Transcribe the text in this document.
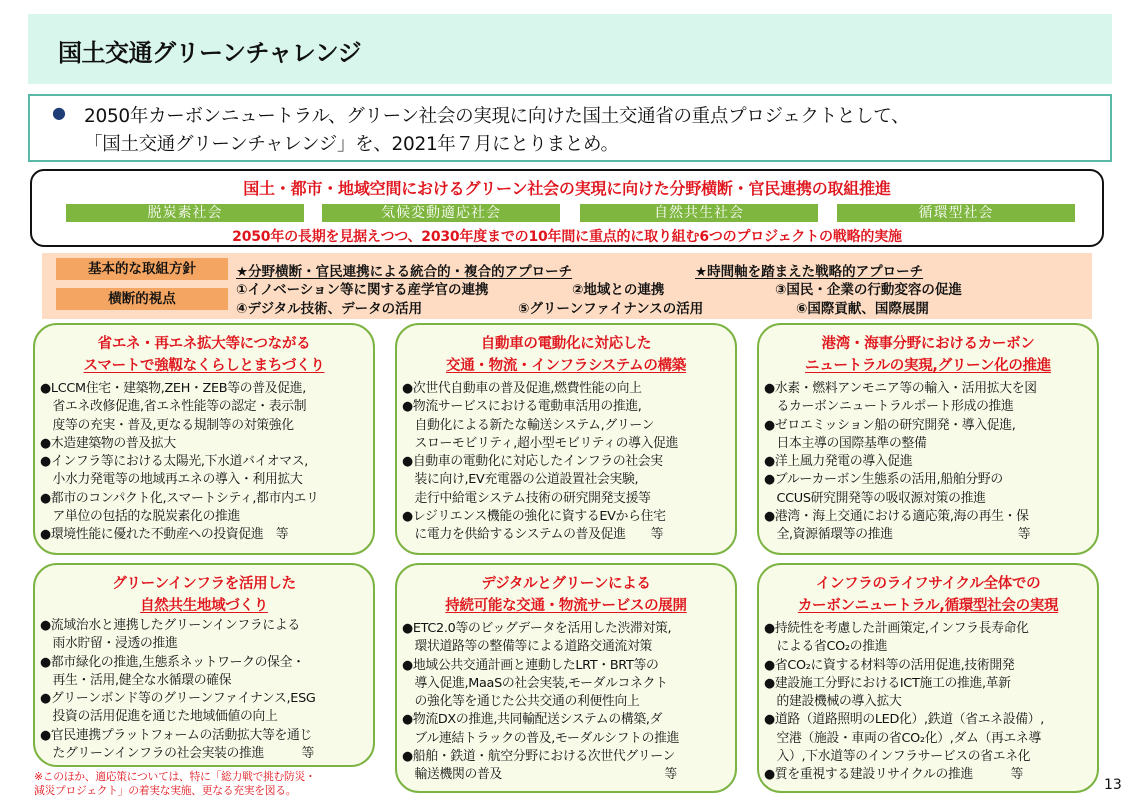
国土交通グリーンチャレンジ
● 2050年カーボンニュートラル、グリーン社会の実現に向けた国土交通省の重点プロジェクトとして、
「国土交通グリーンチャレンジ」を、2021年７月にとりまとめ。
国土・都市・地域空間におけるグリーン社会の実現に向けた分野横断・官民連携の取組推進
脱炭素社会	気候変動適応社会	自然共生社会	循環型社会
2050年の長期を見据えつつ、2030年度までの10年間に重点的に取り組む6つのプロジェクトの戦略的実施
基本的な取組方針	★分野横断・官民連携による統合的・複合的アプローチ	★時間軸を踏まえた戦略的アプローチ
横断的視点
①イノベーション等に関する産学官の連携	②地域との連携	③国民・企業の行動変容の促進
④デジタル技術、データの活用	⑤グリーンファイナンスの活用	⑥国際貢献、国際展開
省エネ・再エネ拡大等につながる
スマートで強靱なくらしとまちづくり
●LCCM住宅・建築物,ZEH・ZEB等の普及促進,
　省エネ改修促進,省エネ性能等の認定・表示制
　度等の充実・普及,更なる規制等の対策強化
●木造建築物の普及拡大
●インフラ等における太陽光,下水道バイオマス,
　小水力発電等の地域再エネの導入・利用拡大
●都市のコンパクト化,スマートシティ,都市内エリ
　ア単位の包括的な脱炭素化の推進
●環境性能に優れた不動産への投資促進　等
自動車の電動化に対応した
交通・物流・インフラシステムの構築
●次世代自動車の普及促進,燃費性能の向上
●物流サービスにおける電動車活用の推進,
　自動化による新たな輸送システム,グリーン
　スローモビリティ,超小型モビリティの導入促進
●自動車の電動化に対応したインフラの社会実
　装に向け,EV充電器の公道設置社会実験,
　走行中給電システム技術の研究開発支援等
●レジリエンス機能の強化に資するEVから住宅
　に電力を供給するシステムの普及促進　　等
港湾・海事分野におけるカーボン
ニュートラルの実現,グリーン化の推進
●水素・燃料アンモニア等の輸入・活用拡大を図
　るカーボンニュートラルポート形成の推進
●ゼロエミッション船の研究開発・導入促進,
　日本主導の国際基準の整備
●洋上風力発電の導入促進
●ブルーカーボン生態系の活用,船舶分野の
　CCUS研究開発等の吸収源対策の推進
●港湾・海上交通における適応策,海の再生・保
　全,資源循環等の推進　　　　　　　　　　等
グリーンインフラを活用した
自然共生地域づくり
●流域治水と連携したグリーンインフラによる
　雨水貯留・浸透の推進
●都市緑化の推進,生態系ネットワークの保全・
　再生・活用,健全な水循環の確保
●グリーンボンド等のグリーンファイナンス,ESG
　投資の活用促進を通じた地域価値の向上
●官民連携プラットフォームの活動拡大等を通じ
　たグリーンインフラの社会実装の推進　　　等
デジタルとグリーンによる
持続可能な交通・物流サービスの展開
●ETC2.0等のビッグデータを活用した渋滞対策,
　環状道路等の整備等による道路交通流対策
●地域公共交通計画と連動したLRT・BRT等の
　導入促進,MaaSの社会実装,モーダルコネクト
　の強化等を通じた公共交通の利便性向上
●物流DXの推進,共同輸配送システムの構築,ダ
　ブル連結トラックの普及,モーダルシフトの推進
●船舶・鉄道・航空分野における次世代グリーン
　輸送機関の普及　　　　　　　　　　　　　等
インフラのライフサイクル全体での
カーボンニュートラル,循環型社会の実現
●持続性を考慮した計画策定,インフラ長寿命化
　による省CO₂の推進
●省CO₂に資する材料等の活用促進,技術開発
●建設施工分野におけるICT施工の推進,革新
　的建設機械の導入拡大
●道路（道路照明のLED化）,鉄道（省エネ設備）,
　空港（施設・車両の省CO₂化）,ダム（再エネ導
　入）,下水道等のインフラサービスの省エネ化
●質を重視する建設リサイクルの推進　　　等
※このほか、適応策については、特に「総力戦で挑む防災・
減災プロジェクト」の着実な実施、更なる充実を図る。	13
